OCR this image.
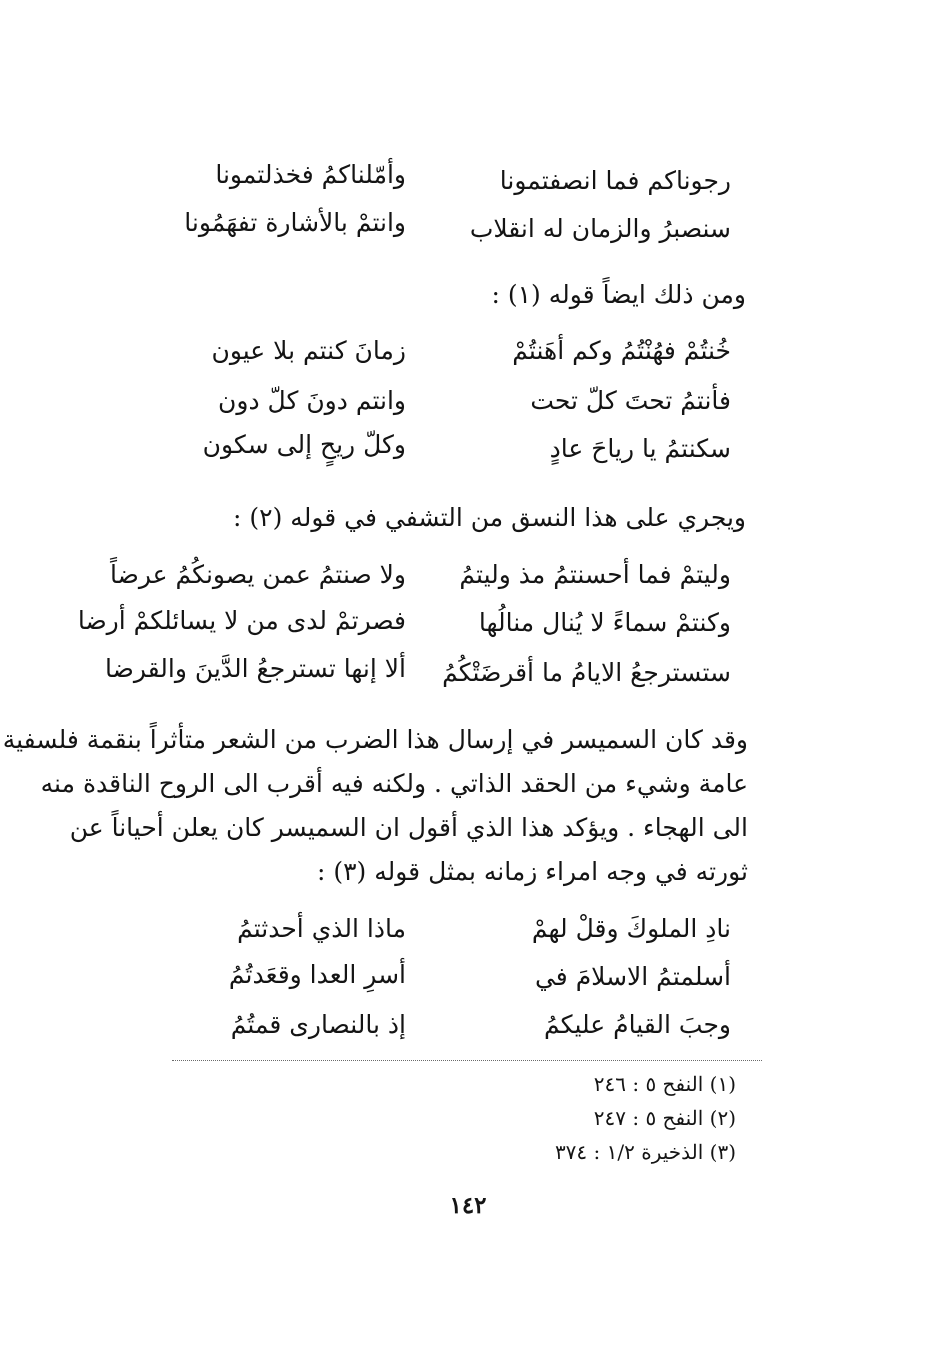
رجوناكم فما انصفتمونا
وأمّلناكمُ فخذلتمونا
سنصبرُ والزمان له انقلاب
وانتمْ بالأشارة تفهَمُونا
ومن ذلك ايضاً قوله (١) :
خُنتُمْ فهُنْتُمُ وكم أهَنتُمْ
زمانَ كنتم بلا عيون
فأنتمُ تحتَ كلّ تحت
وانتم دونَ كلّ دون
سكنتمُ يا رياحَ عادٍ
وكلّ ريحٍ إلى سكون
ويجري على هذا النسق من التشفي في قوله (٢) :
وليتمْ فما أحسنتمُ مذ وليتمُ
ولا صنتمُ عمن يصونكُمُ عرضاً
وكنتمْ سماءً لا يُنال منالُها
فصرتمْ لدى من لا يسائلكمْ أرضا
ستسترجعُ الايامُ ما أقرضَتْكُمُ
ألا إنها تسترجعُ الدَّينَ والقرضا
وقد كان السميسر في إرسال هذا الضرب من الشعر متأثراً بنقمة فلسفية
عامة وشيء من الحقد الذاتي . ولكنه فيه أقرب الى الروح الناقدة منه
الى الهجاء . ويؤكد هذا الذي أقول ان السميسر كان يعلن أحياناً عن
ثورته في وجه امراء زمانه بمثل قوله (٣) :
نادِ الملوكَ وقلْ لهمْ
ماذا الذي أحدثتمُ
أسلمتمُ الاسلامَ في
أسرِ العدا وقعَدتُمُ
وجبَ القيامُ عليكمُ
إذ بالنصارى قمتُمُ
(١) النفح ٥ : ٢٤٦
(٢) النفح ٥ : ٢٤٧
(٣) الذخيرة ١/٢ : ٣٧٤
١٤٢
